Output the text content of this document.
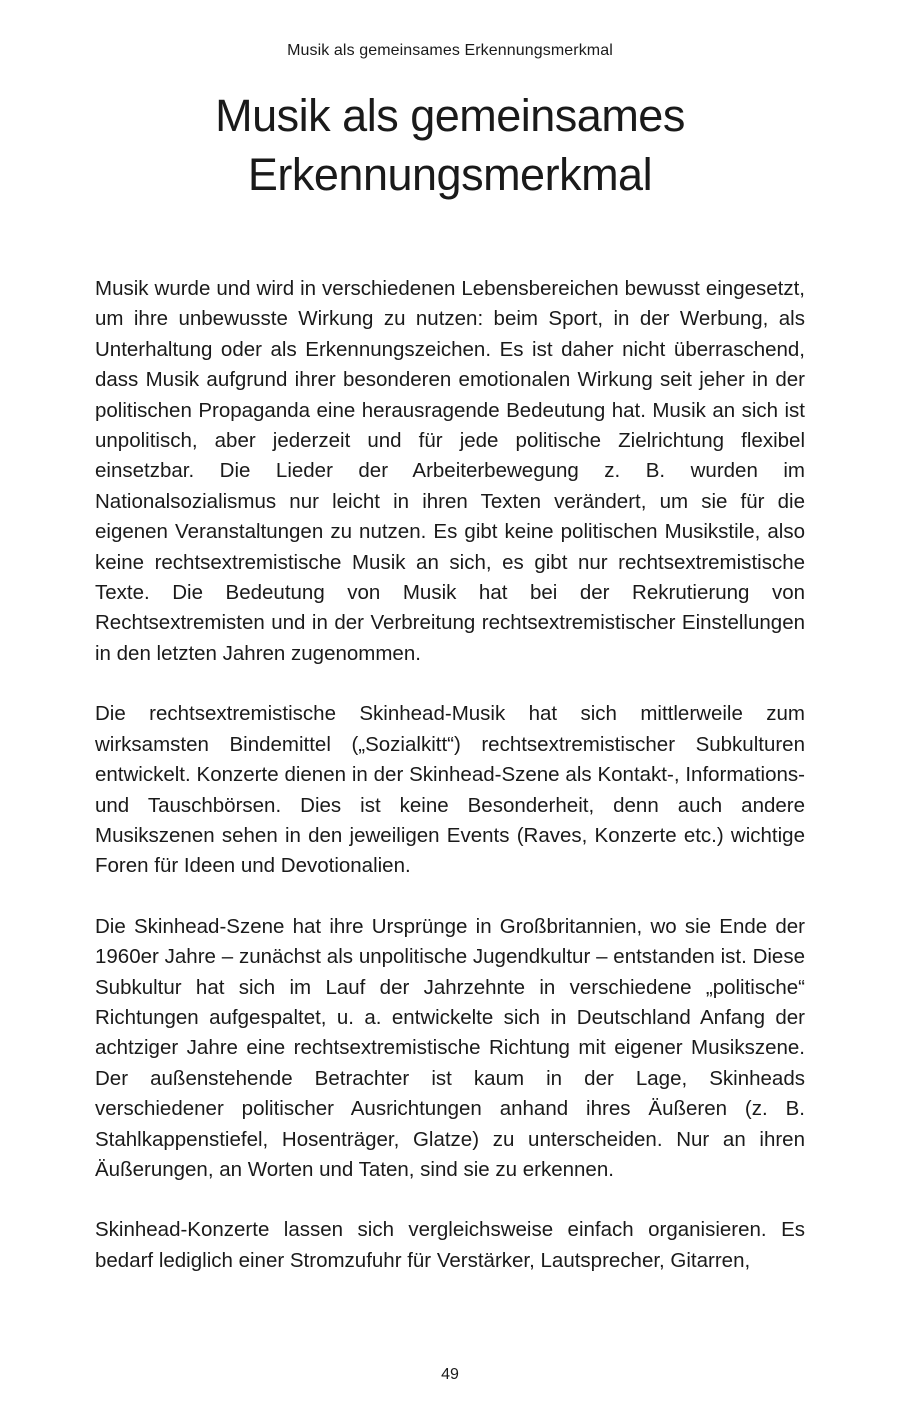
Musik als gemeinsames Erkennungsmerkmal
Musik als gemeinsames
Erkennungsmerkmal

Musik wurde und wird in verschiedenen Lebensbereichen bewusst eingesetzt, um ihre unbewusste Wirkung zu nutzen: beim Sport, in der Werbung, als Unterhaltung oder als Erkennungszeichen. Es ist daher nicht überraschend, dass Musik aufgrund ihrer besonderen emotionalen Wirkung seit jeher in der politischen Propaganda eine herausragende Bedeutung hat. Musik an sich ist unpolitisch, aber jederzeit und für jede politische Zielrichtung flexibel einsetzbar. Die Lieder der Arbeiterbewegung z. B. wurden im Nationalsozialismus nur leicht in ihren Texten verändert, um sie für die eigenen Veranstaltungen zu nutzen. Es gibt keine politischen Musikstile, also keine rechtsextremistische Musik an sich, es gibt nur rechtsextremistische Texte. Die Bedeutung von Musik hat bei der Rekrutierung von Rechtsextremisten und in der Verbreitung rechtsextremistischer Einstellungen in den letzten Jahren zugenommen.

Die rechtsextremistische Skinhead-Musik hat sich mittlerweile zum wirksamsten Bindemittel („Sozialkitt“) rechtsextremistischer Subkulturen entwickelt. Konzerte dienen in der Skinhead-Szene als Kontakt-, Informations- und Tauschbörsen. Dies ist keine Besonderheit, denn auch andere Musikszenen sehen in den jeweiligen Events (Raves, Konzerte etc.) wichtige Foren für Ideen und Devotionalien.

Die Skinhead-Szene hat ihre Ursprünge in Großbritannien, wo sie Ende der 1960er Jahre – zunächst als unpolitische Jugendkultur – entstanden ist. Diese Subkultur hat sich im Lauf der Jahrzehnte in verschiedene „politische“ Richtungen aufgespaltet, u. a. entwickelte sich in Deutschland Anfang der achtziger Jahre eine rechtsextremistische Richtung mit eigener Musikszene. Der außenstehende Betrachter ist kaum in der Lage, Skinheads verschiedener politischer Ausrichtungen anhand ihres Äußeren (z. B. Stahlkappenstiefel, Hosenträger, Glatze) zu unterscheiden. Nur an ihren Äußerungen, an Worten und Taten, sind sie zu erkennen.

Skinhead-Konzerte lassen sich vergleichsweise einfach organisieren. Es bedarf lediglich einer Stromzufuhr für Verstärker, Lautsprecher, Gitarren,

49
